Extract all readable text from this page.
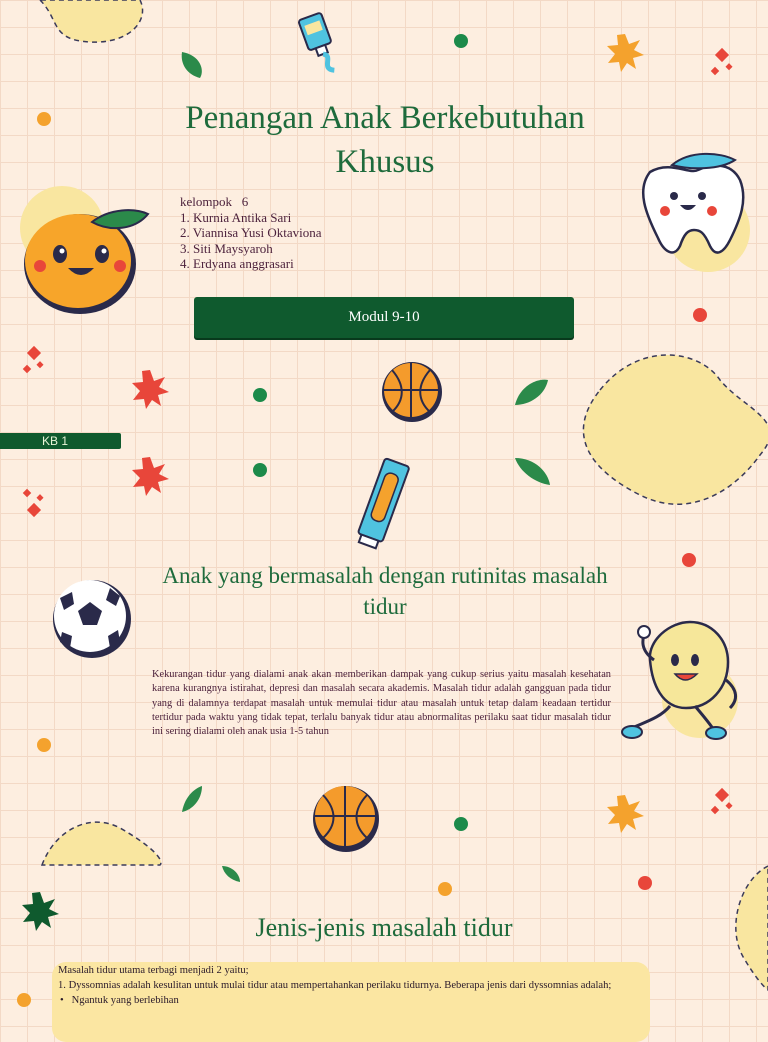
Penangan Anak Berkebutuhan Khusus
kelompok   6
1. Kurnia Antika Sari
2. Viannisa Yusi Oktaviona
3. Siti Maysyaroh
4. Erdyana anggrasari
Modul 9-10
KB 1
Anak yang bermasalah dengan rutinitas masalah tidur
Kekurangan tidur yang dialami anak akan memberikan dampak yang cukup serius yaitu masalah kesehatan karena kurangnya istirahat, depresi dan masalah secara akademis. Masalah tidur adalah gangguan pada tidur yang di dalamnya terdapat masalah untuk memulai tidur atau masalah untuk tetap dalam keadaan tertidur tertidur pada waktu yang tidak tepat, terlalu banyak tidur atau abnormalitas perilaku saat tidur masalah tidur ini sering dialami oleh anak usia 1-5 tahun
Jenis-jenis masalah tidur
Masalah tidur utama terbagi menjadi 2 yaitu;
1. Dyssomnias adalah kesulitan untuk mulai tidur atau mempertahankan perilaku tidurnya. Beberapa jenis dari dyssomnias adalah;
•   Ngantuk yang berlebihan
